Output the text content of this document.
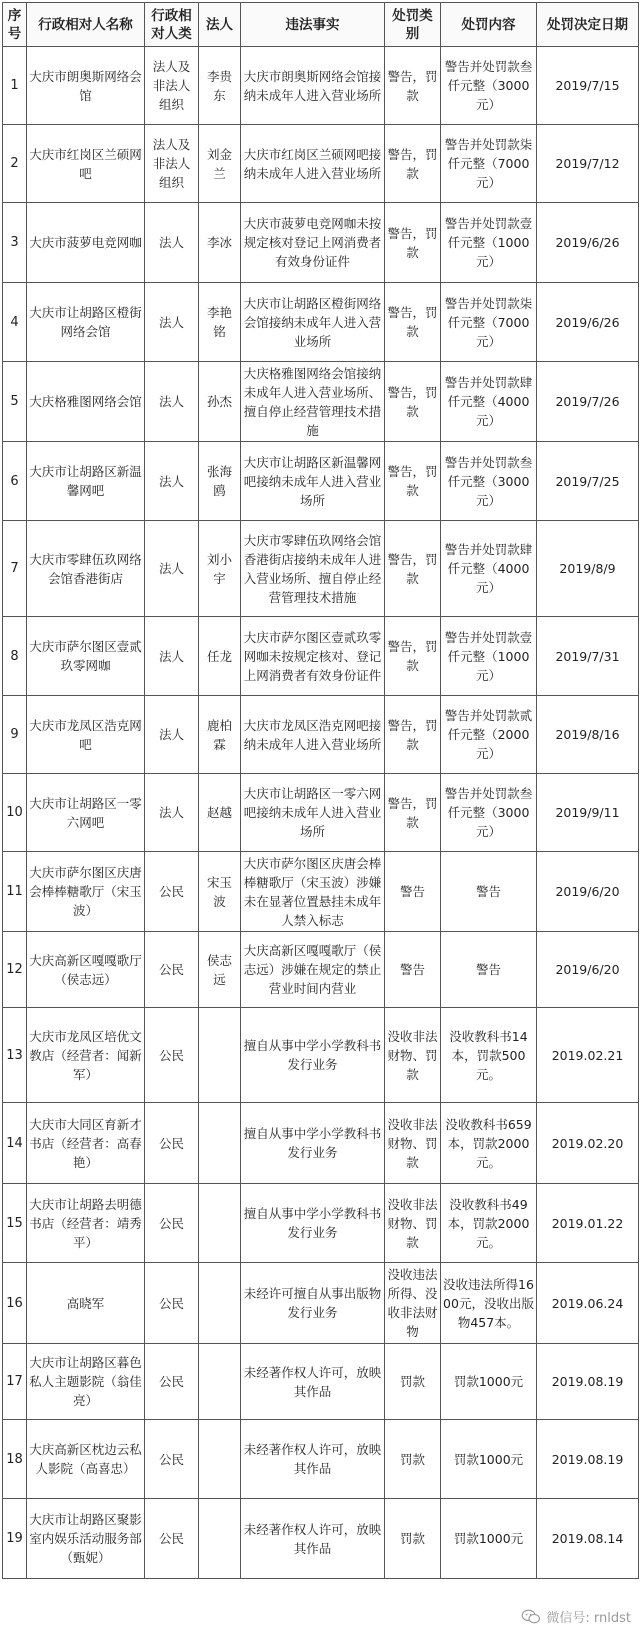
序号	行政相对人名称	行政相对人类	法人	违法事实	处罚类别	处罚内容	处罚决定日期
1	大庆市朗奥斯网络会馆	法人及非法人组织	李贵东	大庆市朗奥斯网络会馆接纳未成年人进入营业场所	警告，罚款	警告并处罚款叁仟元整（3000元）	2019/7/15
2	大庆市红岗区兰硕网吧	法人及非法人组织	刘金兰	大庆市红岗区兰硕网吧接纳未成年人进入营业场所	警告，罚款	警告并处罚款柒仟元整（7000元）	2019/7/12
3	大庆市菠萝电竞网咖	法人	李冰	大庆市菠萝电竞网咖未按规定核对登记上网消费者有效身份证件	警告，罚款	警告并处罚款壹仟元整（1000元）	2019/6/26
4	大庆市让胡路区橙街网络会馆	法人	李艳铭	大庆市让胡路区橙街网络会馆接纳未成年人进入营业场所	警告，罚款	警告并处罚款柒仟元整（7000元）	2019/6/26
5	大庆格雅图网络会馆	法人	孙杰	大庆格雅图网络会馆接纳未成年人进入营业场所、擅自停止经营管理技术措施	警告，罚款	警告并处罚款肆仟元整（4000元）	2019/7/26
6	大庆市让胡路区新温馨网吧	法人	张海鸥	大庆市让胡路区新温馨网吧接纳未成年人进入营业场所	警告，罚款	警告并处罚款叁仟元整（3000元）	2019/7/25
7	大庆市零肆伍玖网络会馆香港街店	法人	刘小宇	大庆市零肆伍玖网络会馆香港街店接纳未成年人进入营业场所、擅自停止经营管理技术措施	警告，罚款	警告并处罚款肆仟元整（4000元）	2019/8/9
8	大庆市萨尔图区壹贰玖零网咖	法人	任龙	大庆市萨尔图区壹贰玖零网咖未按规定核对、登记上网消费者有效身份证件	警告，罚款	警告并处罚款壹仟元整（1000元）	2019/7/31
9	大庆市龙凤区浩克网吧	法人	鹿柏霖	大庆市龙凤区浩克网吧接纳未成年人进入营业场所	警告，罚款	警告并处罚款贰仟元整（2000元）	2019/8/16
10	大庆市让胡路区一零六网吧	法人	赵越	大庆市让胡路区一零六网吧接纳未成年人进入营业场所	警告，罚款	警告并处罚款叁仟元整（3000元）	2019/9/11
11	大庆市萨尔图区庆唐会棒棒糖歌厅（宋玉波）	公民	宋玉波	大庆市萨尔图区庆唐会棒棒糖歌厅（宋玉波）涉嫌未在显著位置悬挂未成年人禁入标志	警告	警告	2019/6/20
12	大庆高新区嘎嘎歌厅（侯志远）	公民	侯志远	大庆高新区嘎嘎歌厅（侯志远）涉嫌在规定的禁止营业时间内营业	警告	警告	2019/6/20
13	大庆市龙凤区培优文教店（经营者：闻新军）	公民		擅自从事中学小学教科书发行业务	没收非法财物、罚款	没收教科书14本，罚款500元。	2019.02.21
14	大庆市大同区育新才书店（经营者：高春艳）	公民		擅自从事中学小学教科书发行业务	没收非法财物、罚款	没收教科书659本，罚款2000元。	2019.02.20
15	大庆市让胡路去明德书店（经营者：靖秀平）	公民		擅自从事中学小学教科书发行业务	没收非法财物、罚款	没收教科书49本，罚款2000元。	2019.01.22
16	高晓军	公民		未经许可擅自从事出版物发行业务	没收违法所得、没收非法财物	没收违法所得1600元，没收出版物457本。	2019.06.24
17	大庆市让胡路区暮色私人主题影院（翁佳亮）	公民		未经著作权人许可，放映其作品	罚款	罚款1000元	2019.08.19
18	大庆高新区枕边云私人影院（高喜忠）	公民		未经著作权人许可，放映其作品	罚款	罚款1000元	2019.08.19
19	大庆市让胡路区聚影室内娱乐活动服务部（甄妮）	公民		未经著作权人许可，放映其作品	罚款	罚款1000元	2019.08.14
微信号: rnldst
